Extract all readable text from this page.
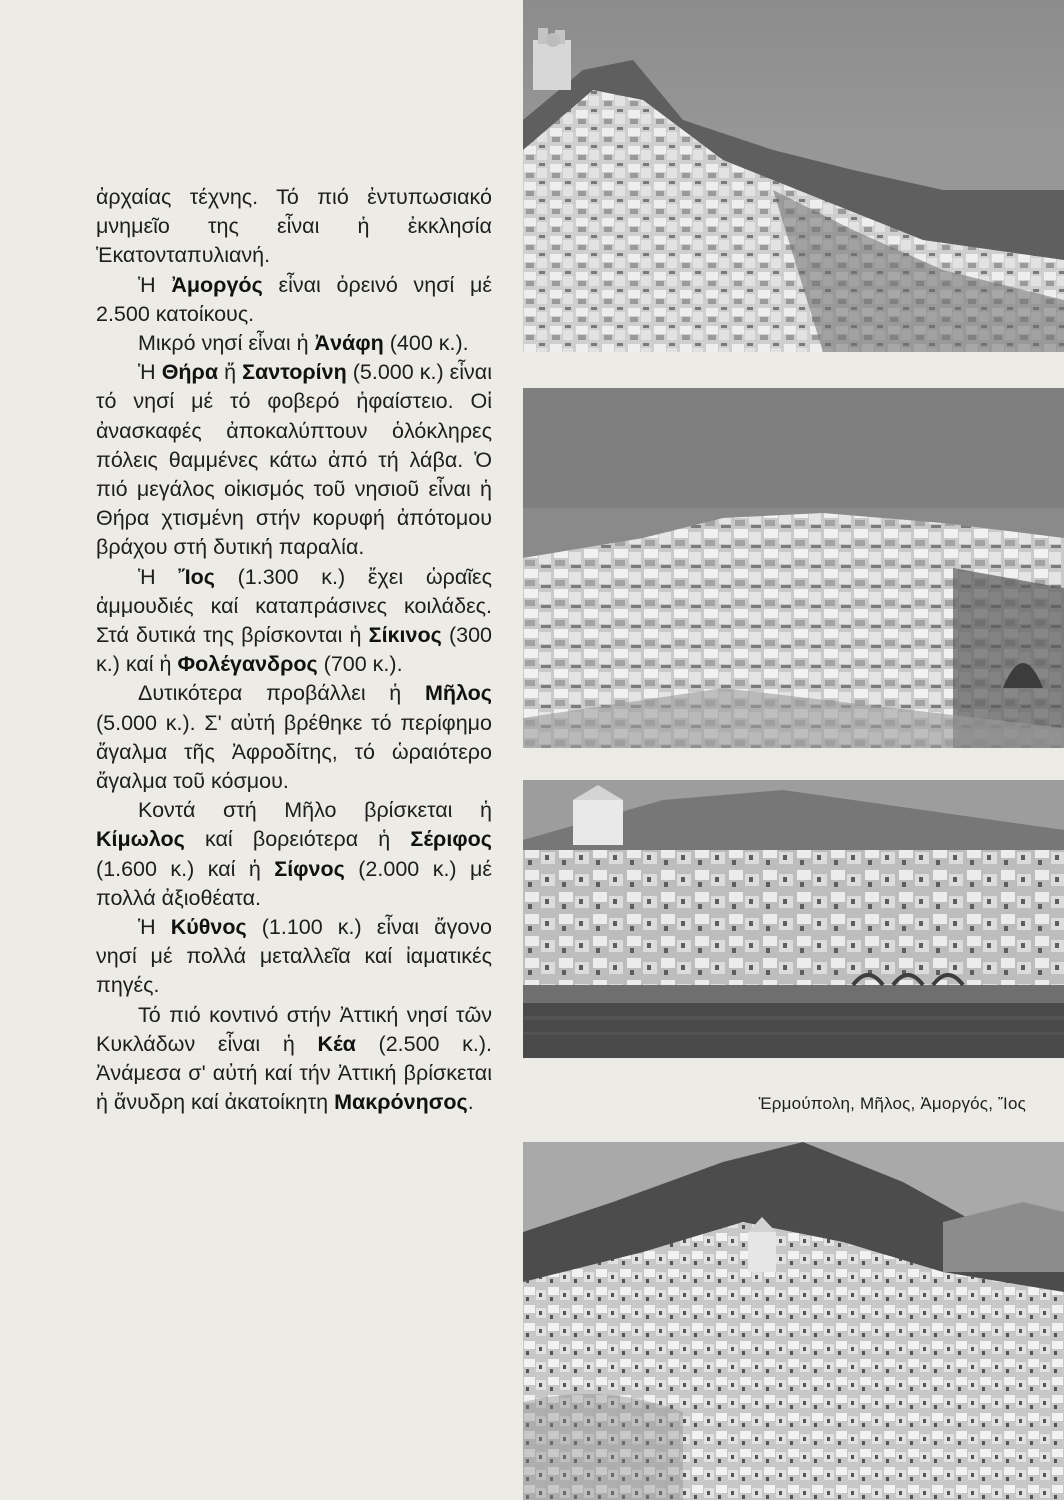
ἀρχαίας τέχνης. Τό πιό ἐντυπωσιακό μνημεῖο της εἶναι ἡ ἐκκλησία Ἑκατονταπυλιανή.

Ἡ Ἀμοργός εἶναι ὀρεινό νησί μέ 2.500 κατοίκους.

Μικρό νησί εἶναι ἡ Ἀνάφη (400 κ.).

Ἡ Θήρα ἤ Σαντορίνη (5.000 κ.) εἶναι τό νησί μέ τό φοβερό ἡφαίστειο. Οἱ ἀνασκαφές ἀποκαλύπτουν ὁλόκληρες πόλεις θαμμένες κάτω ἀπό τή λάβα. Ὁ πιό μεγάλος οἰκισμός τοῦ νησιοῦ εἶναι ἡ Θήρα χτισμένη στήν κορυφή ἀπότομου βράχου στή δυτική παραλία.

Ἡ Ἴος (1.300 κ.) ἔχει ὡραῖες ἀμμουδιές καί καταπράσινες κοιλάδες. Στά δυτικά της βρίσκονται ἡ Σίκινος (300 κ.) καί ἡ Φολέγανδρος (700 κ.).

Δυτικότερα προβάλλει ἡ Μῆλος (5.000 κ.). Σ' αὐτή βρέθηκε τό περίφημο ἄγαλμα τῆς Ἀφροδίτης, τό ὡραιότερο ἄγαλμα τοῦ κόσμου.

Κοντά στή Μῆλο βρίσκεται ἡ Κίμωλος καί βορειότερα ἡ Σέριφος (1.600 κ.) καί ἡ Σίφνος (2.000 κ.) μέ πολλά ἀξιοθέατα.

Ἡ Κύθνος (1.100 κ.) εἶναι ἄγονο νησί μέ πολλά μεταλλεῖα καί ἰαματικές πηγές.

Τό πιό κοντινό στήν Ἀττική νησί τῶν Κυκλάδων εἶναι ἡ Κέα (2.500 κ.). Ἀνάμεσα σ' αὐτή καί τήν Ἀττική βρίσκεται ἡ ἄνυδρη καί ἀκατοίκητη Μακρόνησος.	Ἑρμούπολη, Μῆλος, Ἀμοργός, Ἴος
